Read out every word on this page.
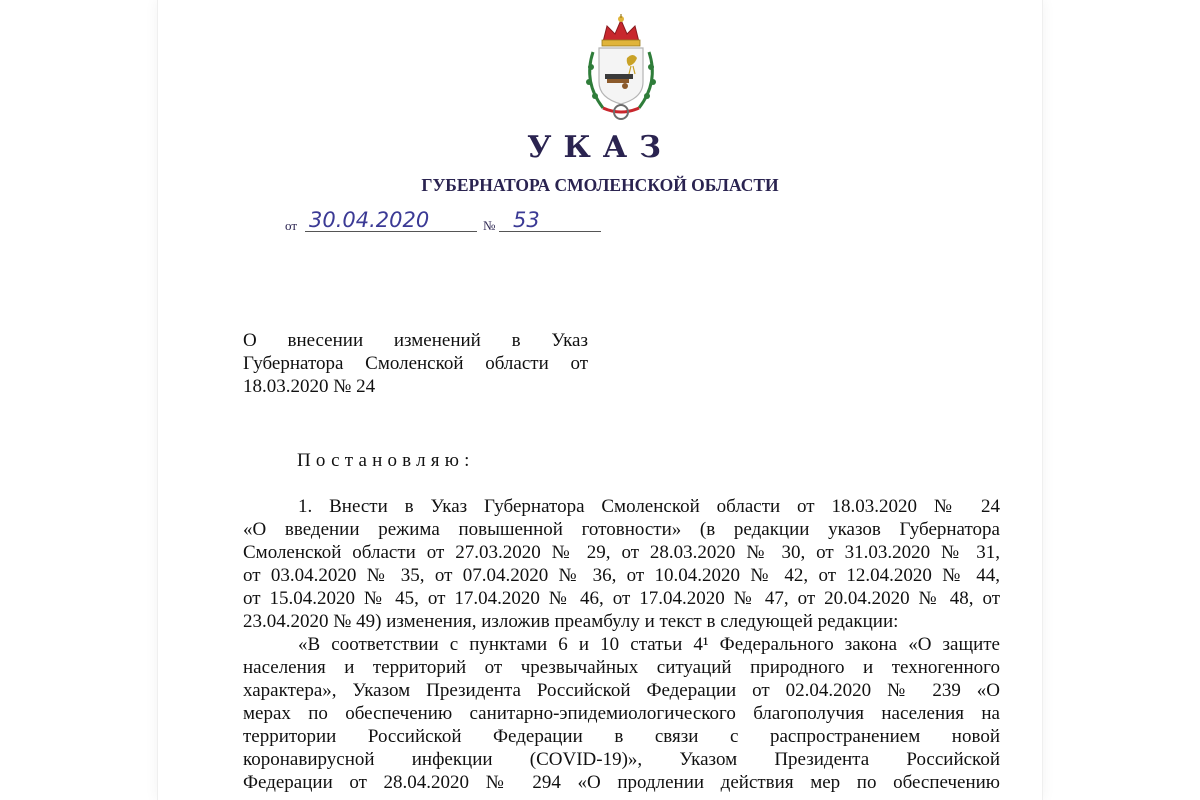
УКАЗ
ГУБЕРНАТОРА СМОЛЕНСКОЙ ОБЛАСТИ
от 30.04.2020	№ 53
О внесении изменений в Указ
Губернатора Смоленской области от
18.03.2020 № 24
Постановляю:
1. Внести в Указ Губернатора Смоленской области от 18.03.2020 № 24
«О введении режима повышенной готовности» (в редакции указов Губернатора
Смоленской области от 27.03.2020 № 29, от 28.03.2020 № 30, от 31.03.2020 № 31,
от 03.04.2020 № 35, от 07.04.2020 № 36, от 10.04.2020 № 42, от 12.04.2020 № 44,
от 15.04.2020 № 45, от 17.04.2020 № 46, от 17.04.2020 № 47, от 20.04.2020 № 48, от
23.04.2020 № 49) изменения, изложив преамбулу и текст в следующей редакции:
«В соответствии с пунктами 6 и 10 статьи 4¹ Федерального закона «О защите
населения и территорий от чрезвычайных ситуаций природного и техногенного
характера», Указом Президента Российской Федерации от 02.04.2020 № 239 «О
мерах по обеспечению санитарно-эпидемиологического благополучия населения на
территории Российской Федерации в связи с распространением новой
коронавирусной инфекции (COVID-19)», Указом Президента Российской
Федерации от 28.04.2020 № 294 «О продлении действия мер по обеспечению
